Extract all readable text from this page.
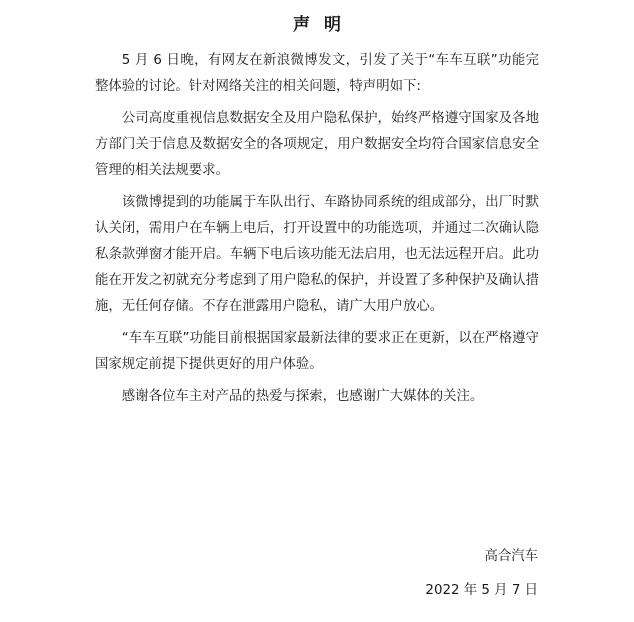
声明

5 月 6 日晚，有网友在新浪微博发文，引发了关于“车车互联”功能完整体验的讨论。针对网络关注的相关问题，特声明如下:

公司高度重视信息数据安全及用户隐私保护，始终严格遵守国家及各地方部门关于信息及数据安全的各项规定，用户数据安全均符合国家信息安全管理的相关法规要求。

该微博提到的功能属于车队出行、车路协同系统的组成部分，出厂时默认关闭，需用户在车辆上电后，打开设置中的功能选项，并通过二次确认隐私条款弹窗才能开启。车辆下电后该功能无法启用，也无法远程开启。此功能在开发之初就充分考虑到了用户隐私的保护，并设置了多种保护及确认措施，无任何存储。不存在泄露用户隐私，请广大用户放心。

“车车互联”功能目前根据国家最新法律的要求正在更新，以在严格遵守国家规定前提下提供更好的用户体验。

感谢各位车主对产品的热爱与探索，也感谢广大媒体的关注。

高合汽车
2022 年 5 月 7 日
